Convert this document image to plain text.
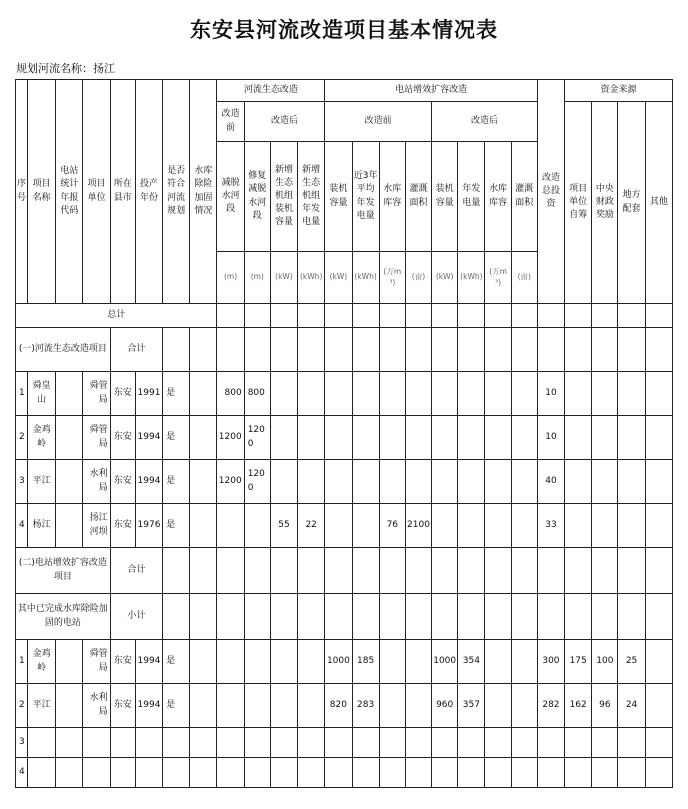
东安县河流改造项目基本情况表
规划河流名称：扬江
序号	项目名称	电站统计年报代码	项目单位	所在县市	投产年份	是否符合河流规划	水库除险加固情况	河流生态改造				电站增效扩容改造								改造总投资	资金来源			
								改造前	改造后			改造前				改造后					项目单位自筹	中央财政奖励	地方配套	其他
								减脱水河段	修复减脱水河段	新增生态机组装机容量	新增生态机组年发电量	装机容量	近3年平均年发电量	水库库容	灌溉面积	装机容量	年发电量	水库库容	灌溉面积					
								(m)	(m)	(kW)	(kWh)	(kW)	(kWh)	(万m³)	(亩)	(kW)	(kWh)	(万m³)	(亩)					
总计																								
(一)河流生态改造项目				合计																				
1	舜皇山		舜管局	东安	1991	是		800	800											10				
2	金鸡岭		舜管局	东安	1994	是		1200	1200											10				
3	平江		水利局	东安	1994	是		1200	1200											40				
4	杨江		扬江河坝	东安	1976	是				55	22			76	2100					33				
(二)电站增效扩容改造项目				合计																				
其中已完成水库除险加固的电站				小计																				
1	金鸡岭		舜管局	东安	1994	是						1000	185			1000	354			300	175	100	25	
2	平江		水利局	东安	1994	是						820	283			960	357			282	162	96	24	
3																								
4																								
